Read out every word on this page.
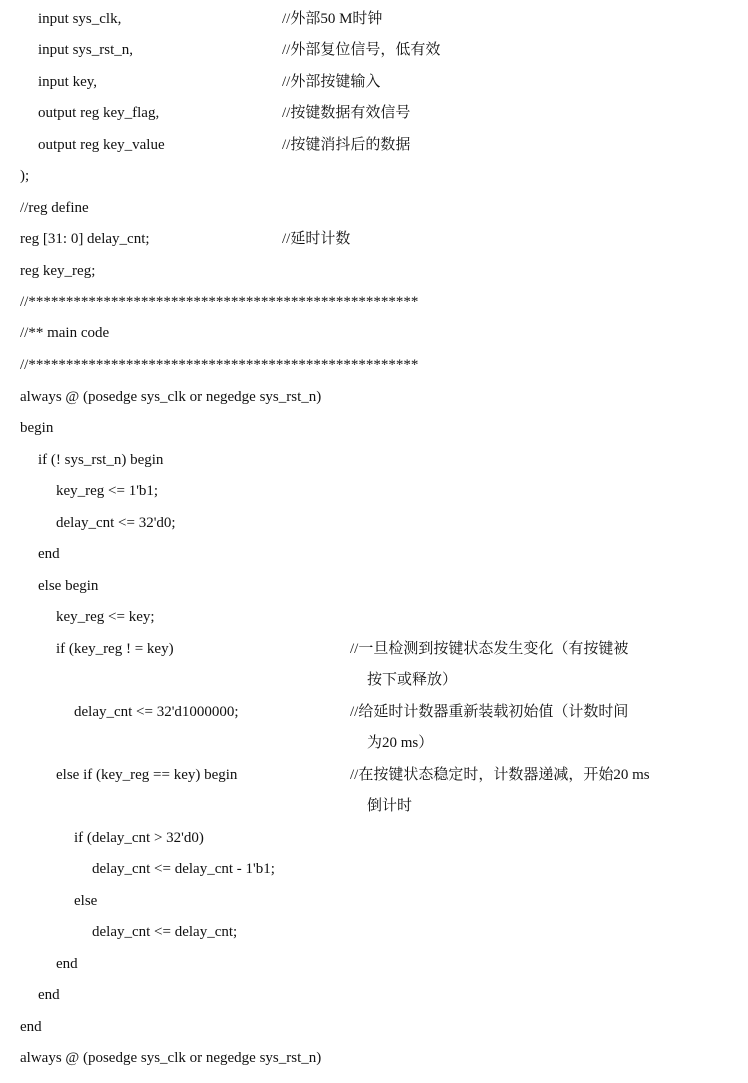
input sys_clk,	//外部50 M时钟
input sys_rst_n,	//外部复位信号，低有效
input key,	//外部按键输入
output reg key_flag,	//按键数据有效信号
output reg key_value	//按键消抖后的数据
);
//reg define
reg [31: 0] delay_cnt;	//延时计数
reg key_reg;
//****************************************************
//** main code
//****************************************************
always @ (posedge sys_clk or negedge sys_rst_n)
begin
if (! sys_rst_n) begin
key_reg <= 1'b1;
delay_cnt <= 32'd0;
end
else begin
key_reg <= key;
if (key_reg ! = key)	//一旦检测到按键状态发生变化（有按键被
按下或释放）
delay_cnt <= 32'd1000000;	//给延时计数器重新装载初始值（计数时间
为20 ms）
else if (key_reg == key) begin	//在按键状态稳定时，计数器递减，开始20 ms
倒计时
if (delay_cnt > 32'd0)
delay_cnt <= delay_cnt - 1'b1;
else
delay_cnt <= delay_cnt;
end
end
end
always @ (posedge sys_clk or negedge sys_rst_n)
